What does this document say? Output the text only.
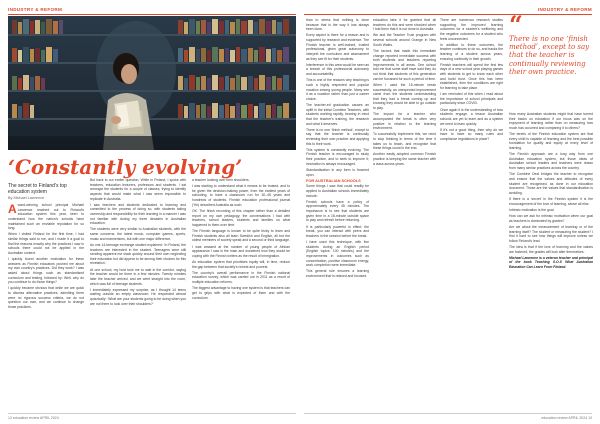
INDUSTRY & REFORM
‘Constantly evolving’
The secret to Finland’s top education system
By Michael Lawrence

Award-winning school principal Michael Lawrence reached out to Finland’s education system this year, keen to understand how the nation’s schools have maintained such an enviable reputation for so long.

When I visited Finland for the first time, I had similar things said to me, and I made it a goal to find the reasons exactly why the practices I saw in schools there could not be applied in the Australian context.

I quickly found another motivation for these answers as Finnish educators pushed me about my own country’s practices. Did they work? I was asked about things such as standardised curriculum and testing, followed by: Well, why do you continue to do those things?

I quickly became obvious that while we are quick to dismiss alternative practices, admitting there were no rigorous success criteria, we do not question our own, and we continue to change those practices.

But back to our earlier question. While in Finland, I spoke with teachers, education lecturers, professors and students. I sat amongst the students for a couple of classes, trying to identify aspects that would make what I saw seem impossible to replicate in Australia.

I saw teachers and students dedicated to learning and committed to the process of doing so, with students taking ownership and responsibility for their learning in a manner I was not familiar with during my three decades in Australian education.

The students were very similar to Australian students, with the same concerns: the latest music, computer games, sports, music and mannerisms, but with one major difference.

As one 14-teenage exchange student explained: ‘In Finland, the teachers are interested in the student. Teenagers were still sending apparent me slack quickly around their own neglecting their education but did appear to be among their choices for this revelation.’

At one school, my host took me to wait in the corridor, saying the teacher would be there in a few minutes. Twenty minutes later the teacher arrived, and we went straight into the room, which was full of teenage students.

I immediately expressed my surprise, as I thought 14 teens waiting outside an empty classroom. He responded almost quizzically: ‘What are your students going to be doing when you are not there to look over their shoulders?’

a teacher looking over their shoulders.

I was starting to understand what it means to be trusted, and to be given the decision-making power, from the earliest years of schooling, to have a classroom run for 30–45 years and hundreds of students. Finnish education professional journal (Yle) described Australia as such.

OK. The finish recording of this chapter rather than a detailed report on my own pedagogy; the conversations I had with teachers, school leaders, students and families on what happened to them over time.

The Finnish language is known to be quite tricky to learn and Finnish students also all learn Swedish and English, all but the oldest members of society speak and a second or third language.

I was amazed at the number of young people of African appearance I saw in the main and wondered how they would be coping with the Finnish writers as the result of immigration.

An education system that prioritises equity will, in time, reduce the gap between that society’s richest and poorest.

The country’s overall performance in the Finnish national education survey, which was carried out in 2011 as a result of multiple education reforms.

The biggest advantage to having one system is that teachers can get to grips with what is expected of them and with the curriculum.

12 education review APRIL 2024
INDUSTRY & REFORM

than to stress that nothing is done because that is the way it has always been done.

Every aspect is there for a reason and is supported by research and evidence. The Finnish teacher is well-trained, trusted professional, given great autonomy to interpret the curriculum and assessment as they see fit for their students.

Interference in this area would be seen as a breach of this professional autonomy and accountability.

This is one of the reasons why teaching is such a highly respected and popular vocation among young people. Many see it as a vocation rather than just a career choice.

The teacher-ed graduation causes an uplift in the initial Combine Teachers, with students working rapidly, bearing in mind that the teacher’s training, the research and what it deserves.

There is no one ‘finish method’, except to say that the teacher is continually reviewing their own practice and applying this to their work.

This system is constantly evolving. The Finnish teacher is encouraged to study their practice, and to seek to improve it; innovation is always encouraged.

Standardisation in any form is frowned upon.

FOR AUSTRALIAN SCHOOLS

Some things I saw that could readily be applied to Australian schools immediately include:

Finnish schools have a policy of approximately every 45 minutes. The importance is to see that students are given time in a 15-minute outside space to play and refresh before returning.

It is particularly powerful in effect: the break, you can interact with peers and teachers in the session before the break.

I have used this technique, with five students during an English period (English topics: 100 minutes) and the improvements in outcomes such as concentration, positive classroom energy, work completion were immediate.

This general rule ensures a learning environment that is relaxed and focused.

education take it for granted that all teachers do this and were shocked when I told them that it is not done in Australia.

We and the Teacher Trust program with several schools around Orange in New South Wales.

The factors that made this immediate change reported immediate success with both students and teachers reporting improvements in all areas. One school told me that some staff have said they do not think that students of this generation can be focussed for such a period of time.

When I used the 15-minute break successfully, an unexpected improvement came from the students understanding that they had a break coming up and knowing they would be able to go outside to play.

The impact for a teacher who accompanied the break is often very positive in relation to the learning environment.

To successfully implement this, we need to stop thinking in terms of the time it takes us to teach, and recognise that these things count in the end.

Another easily adopted common Finnish practice is keeping the same teacher with a class across years.

There are numerous research studies supporting the improved learning outcomes for a student’s wellbeing and the negative outcomes for a student who feels unconnected.

In addition to these outcomes, the teacher continues to do so, and tracks the learning of a student across years, ensuring continuity in their growth.

Finnish teachers will spend the first few days of a new school year playing games with students to get to know each other and build trust. Once this has been established, then the conditions are right for learning to take place.

I am reminded of this when I read about the importance of school principals and particularly since COVID.

Once again it is the understanding of how students engage, a lesson Australian schools are yet to learn and as a system we need to learn quickly.

If it’s not a good thing, then why do we have to have so many rules and compliance regulations in place?

“
There is no one ‘finish method’, except to say that the teacher is continually reviewing their own practice.

How many Australian students might that have turned their backs on education if our focus was on the enjoyment of learning rather than on measuring how much has occurred and comparing it to others?

The tenets of the Finnish education system are that every child is capable of learning and the best possible foundation for quality and equity at every level of learning.

The Finnish approach are a long way from one Australian education system, but those ideas of Australian school leaders and teachers were drawn from many similar practices across the country.

The Combine Deal bridges the teacher to recognise and ensure that the values and attitudes of every student are recognised, as done in our education document. Those are the values that standardisation is avoiding.

If there is a ‘secret’ in the Finnish system it is the encouragement of the love of learning, above all else.

Intrinsic motivation is the goal.

How can we ask for intrinsic motivation when our goal as teachers is dominated by grades?

Are we about the measurement of learning or of the learning itself? The student or measuring the student? I find it hard to see how things will improve unless we follow Finland’s lead.

The idea is that if the love of learning and the values are fostered, the grades will look after themselves.

Michael Lawrence is a veteran teacher and principal of the book Teaching S.O.S What Australian Education Can Learn From Finland.

education review APRIL 2024 13
